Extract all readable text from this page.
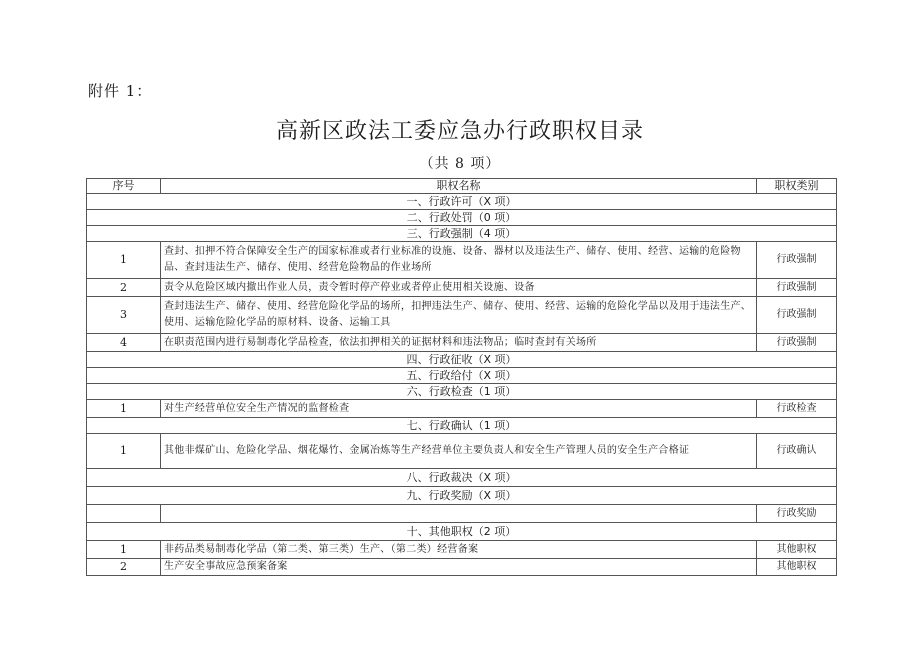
附件 1：
高新区政法工委应急办行政职权目录
（共 8 项）
序号	职权名称	职权类别
一、行政许可（X 项）		
二、行政处罚（0 项）		
三、行政强制（4 项）		
1	查封、扣押不符合保障安全生产的国家标准或者行业标准的设施、设备、器材以及违法生产、储存、使用、经营、运输的危险物品、查封违法生产、储存、使用、经营危险物品的作业场所	行政强制
2	责令从危险区域内撤出作业人员，责令暂时停产停业或者停止使用相关设施、设备	行政强制
3	查封违法生产、储存、使用、经营危险化学品的场所，扣押违法生产、储存、使用、经营、运输的危险化学品以及用于违法生产、使用、运输危险化学品的原材料、设备、运输工具	行政强制
4	在职责范围内进行易制毒化学品检查，依法扣押相关的证据材料和违法物品；临时查封有关场所	行政强制
四、行政征收（X 项）		
五、行政给付（X 项）		
六、行政检查（1 项）		
1	对生产经营单位安全生产情况的监督检查	行政检查
七、行政确认（1 项）		
1	其他非煤矿山、危险化学品、烟花爆竹、金属冶炼等生产经营单位主要负责人和安全生产管理人员的安全生产合格证	行政确认
八、行政裁决（X 项）		
九、行政奖励（X 项）		
		行政奖励
十、其他职权（2 项）		
1	非药品类易制毒化学品（第二类、第三类）生产、（第二类）经营备案	其他职权
2	生产安全事故应急预案备案	其他职权
